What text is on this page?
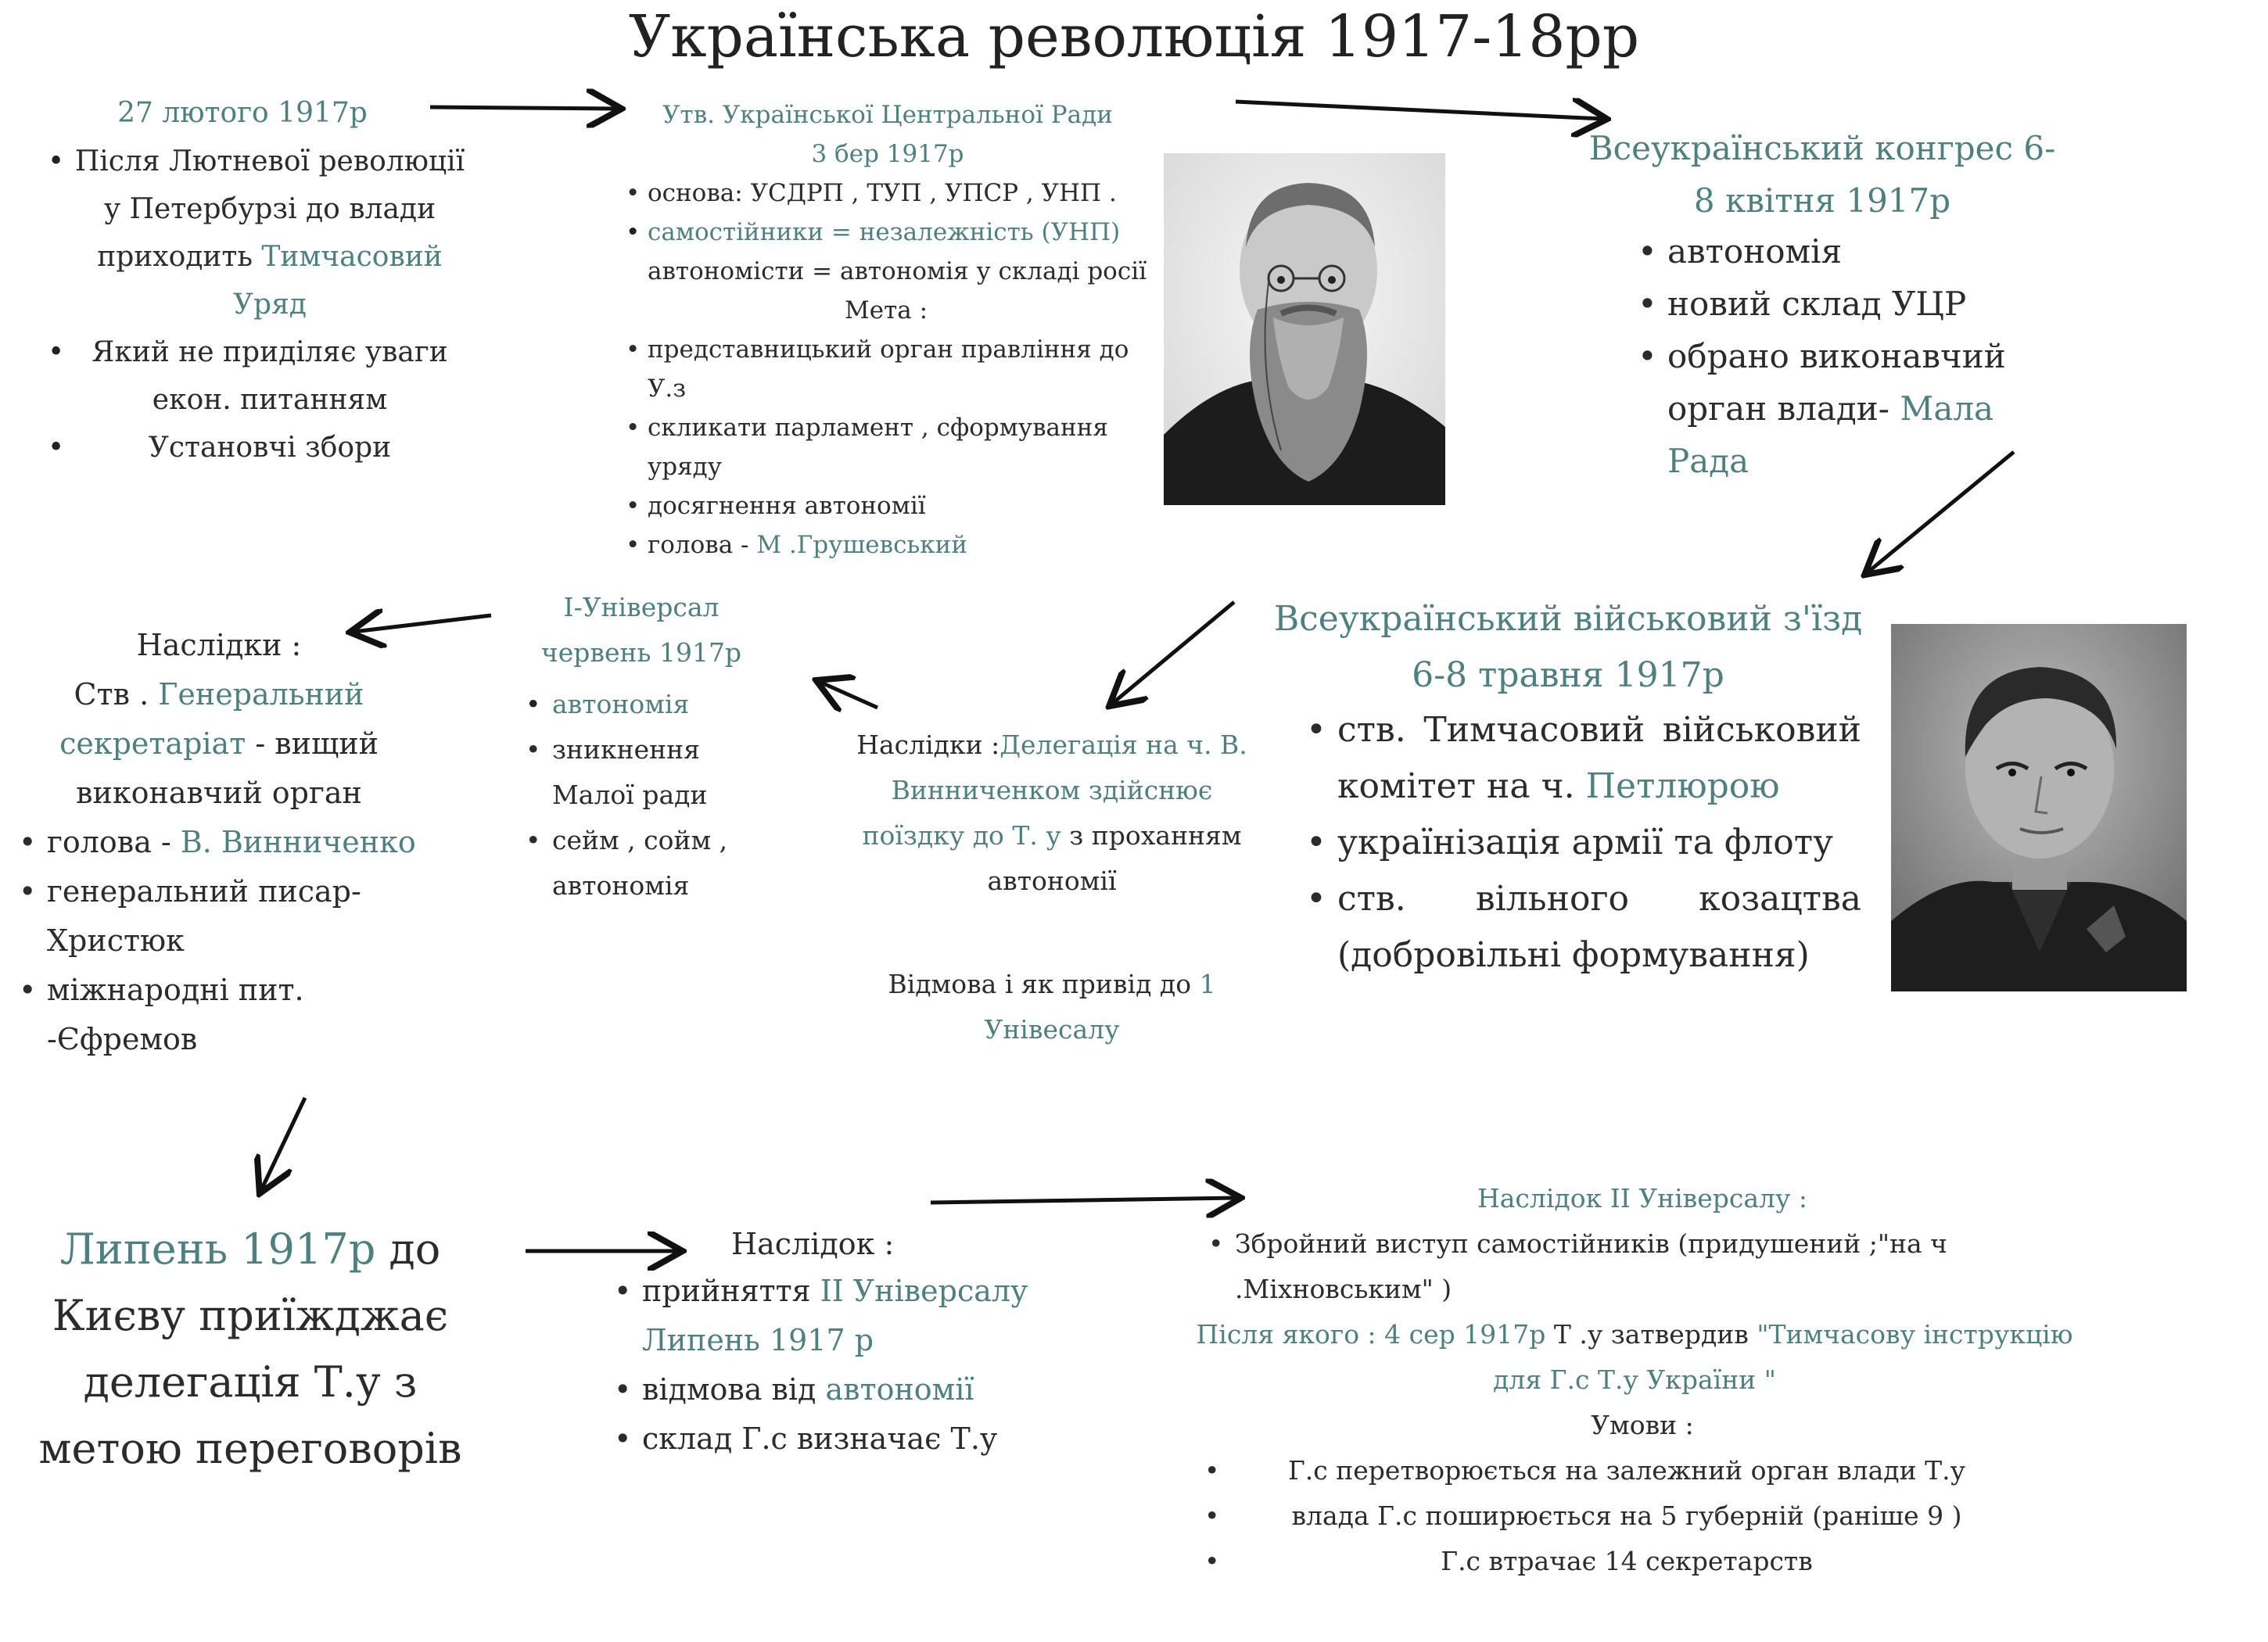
Українська революція 1917-18рр
27 лютого 1917р
• Після Лютневої революції у Петербурзі до влади приходить Тимчасовий Уряд
• Який не приділяє уваги екон. питанням
• Установчі збори
Утв. Української Центральної Ради
3 бер 1917р
• основа: УСДРП , ТУП , УПСР , УНП .
• самостійники = незалежність (УНП)
автономісти = автономія у складі росії
Мета :
• представницький орган правління до У.з
• скликати парламент , сформування уряду
• досягнення автономії
• голова - М .Грушевський
Всеукраїнський конгрес 6-8 квітня 1917р
• автономія
• новий склад УЦР
• обрано виконавчий орган влади- Мала Рада
Всеукраїнський військовий з'їзд 6-8 травня 1917р
• ств. Тимчасовий військовий комітет на ч. Петлюрою
• українізація армії та флоту
• ств. вільного козацтва (добровільні формування)
Наслідки :Делегація на ч. В. Винниченком здійснює поїздку до Т. у з проханням автономії
Відмова і як привід до 1 Унівесалу
І-Універсал
червень 1917р
• автономія
• зникнення Малої ради
• сейм , сойм , автономія
Наслідки :
Ств . Генеральний секретаріат - вищий виконавчий орган
• голова - В. Винниченко
• генеральний писар-Христюк
• міжнародні пит. -Єфремов
Липень 1917р до Києву приїжджає делегація Т.у з метою переговорів
Наслідок :
• прийняття ІІ Універсалу Липень 1917 р
• відмова від автономії
• склад Г.с визначає Т.у
Наслідок ІІ Універсалу :
• Збройний виступ самостійників (придушений ;"на ч .Міхновським" )
Після якого : 4 сер 1917р Т .у затвердив "Тимчасову інструкцію для Г.с Т.у України "
Умови :
•	Г.с перетворюється на залежний орган влади Т.у
•	влада Г.с поширюється на 5 губерній (раніше 9 )
•	Г.с втрачає 14 секретарств
